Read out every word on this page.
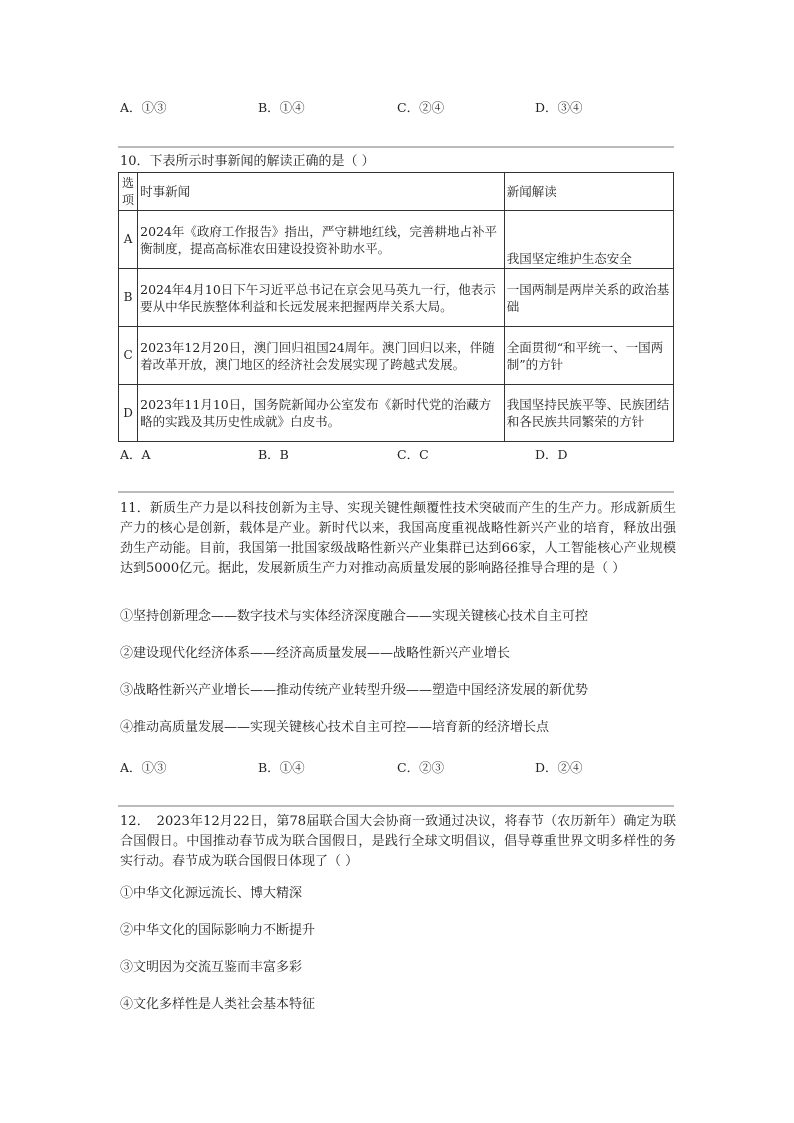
A．①③	B．①④	C．②④	D．③④
10．下表所示时事新闻的解读正确的是（ ）
选项	时事新闻	新闻解读
A	2024年《政府工作报告》指出，严守耕地红线，完善耕地占补平衡制度，提高高标准农田建设投资补助水平。	我国坚定维护生态安全
B	2024年4月10日下午习近平总书记在京会见马英九一行，他表示要从中华民族整体利益和长远发展来把握两岸关系大局。	一国两制是两岸关系的政治基础
C	2023年12月20日，澳门回归祖国24周年。澳门回归以来，伴随着改革开放，澳门地区的经济社会发展实现了跨越式发展。	全面贯彻“和平统一、一国两制”的方针
D	2023年11月10日，国务院新闻办公室发布《新时代党的治藏方略的实践及其历史性成就》白皮书。	我国坚持民族平等、民族团结和各民族共同繁荣的方针
A．A	B．B	C．C	D．D
11．新质生产力是以科技创新为主导、实现关键性颠覆性技术突破而产生的生产力。形成新质生产力的核心是创新，载体是产业。新时代以来，我国高度重视战略性新兴产业的培育，释放出强劲生产动能。目前，我国第一批国家级战略性新兴产业集群已达到66家，人工智能核心产业规模达到5000亿元。据此，发展新质生产力对推动高质量发展的影响路径推导合理的是（ ）
①坚持创新理念——数字技术与实体经济深度融合——实现关键核心技术自主可控
②建设现代化经济体系——经济高质量发展——战略性新兴产业增长
③战略性新兴产业增长——推动传统产业转型升级——塑造中国经济发展的新优势
④推动高质量发展——实现关键核心技术自主可控——培育新的经济增长点
A．①③	B．①④	C．②③	D．②④
12．　2023年12月22日，第78届联合国大会协商一致通过决议，将春节（农历新年）确定为联合国假日。中国推动春节成为联合国假日，是践行全球文明倡议，倡导尊重世界文明多样性的务实行动。春节成为联合国假日体现了（ ）
①中华文化源远流长、博大精深
②中华文化的国际影响力不断提升
③文明因为交流互鉴而丰富多彩
④文化多样性是人类社会基本特征
